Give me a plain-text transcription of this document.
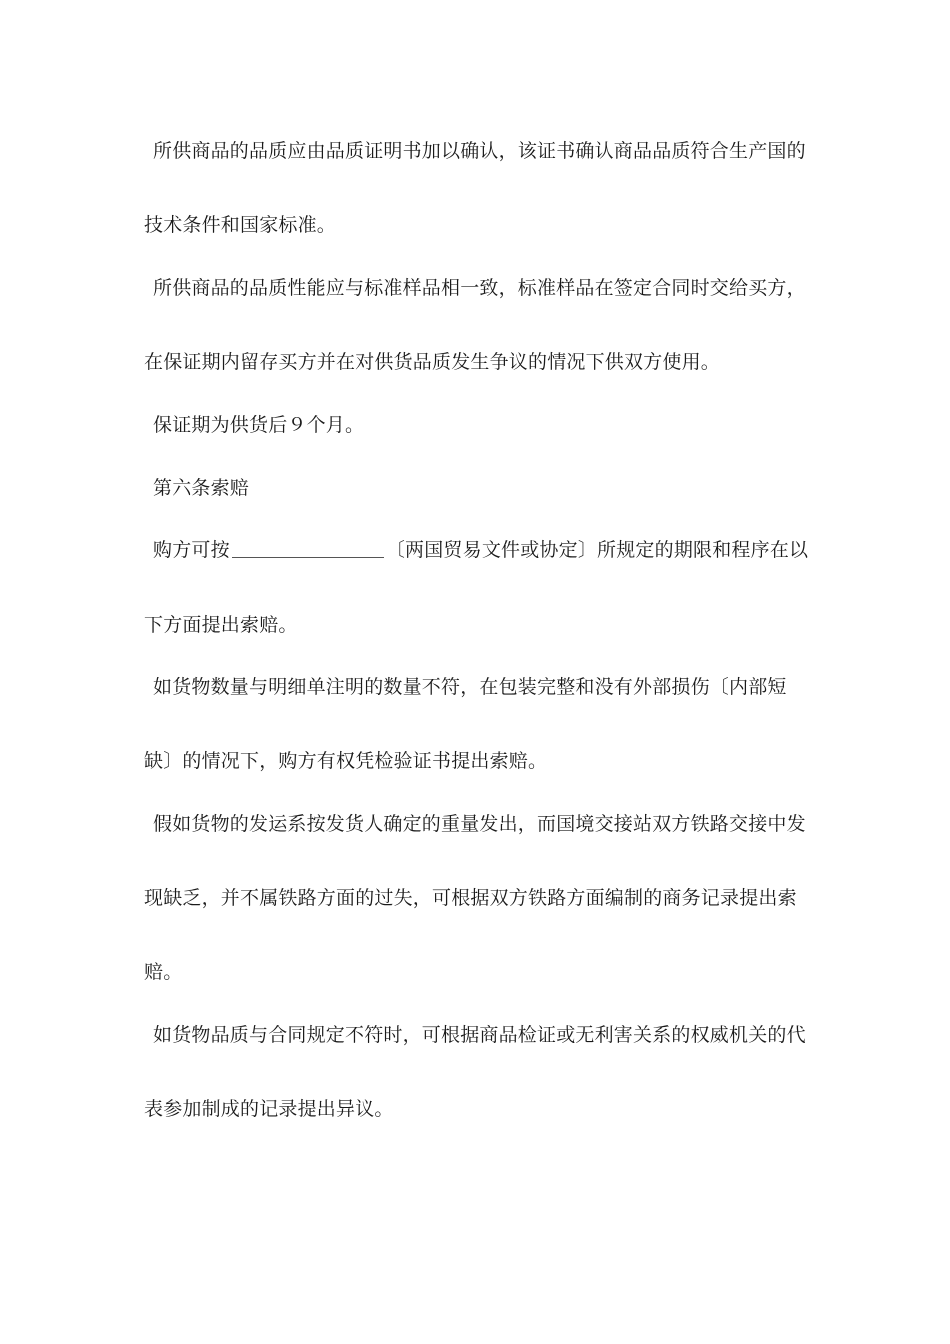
所供商品的品质应由品质证明书加以确认，该证书确认商品品质符合生产国的
技术条件和国家标准。
所供商品的品质性能应与标准样品相一致，标准样品在签定合同时交给买方，
在保证期内留存买方并在对供货品质发生争议的情况下供双方使用。
保证期为供货后９个月。
第六条索赔
购方可按	〔两国贸易文件或协定〕所规定的期限和程序在以
下方面提出索赔。
如货物数量与明细单注明的数量不符，在包装完整和没有外部损伤〔内部短
缺〕的情况下，购方有权凭检验证书提出索赔。
假如货物的发运系按发货人确定的重量发出，而国境交接站双方铁路交接中发
现缺乏，并不属铁路方面的过失，可根据双方铁路方面编制的商务记录提出索
赔。
如货物品质与合同规定不符时，可根据商品检证或无利害关系的权威机关的代
表参加制成的记录提出异议。
